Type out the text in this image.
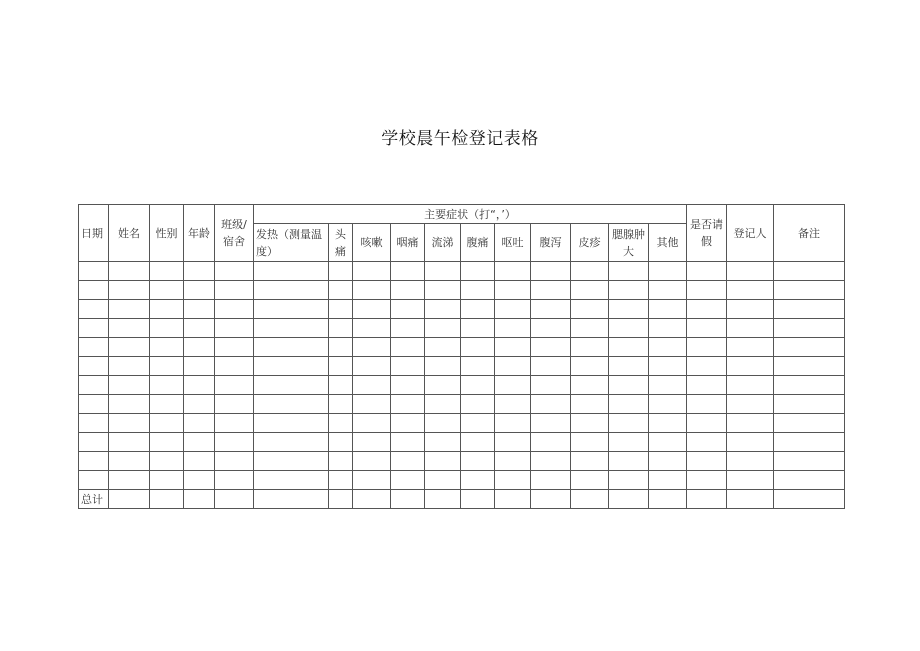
学校晨午检登记表格
日期	姓名	性别	年龄	班级/宿舍	主要症状（打“，’）											是否请假	登记人	备注
					发热（测量温度）	头痛	咳嗽	咽痛	流涕	腹痛	呕吐	腹泻	皮疹	腮腺肿大	其他			

总计																		
